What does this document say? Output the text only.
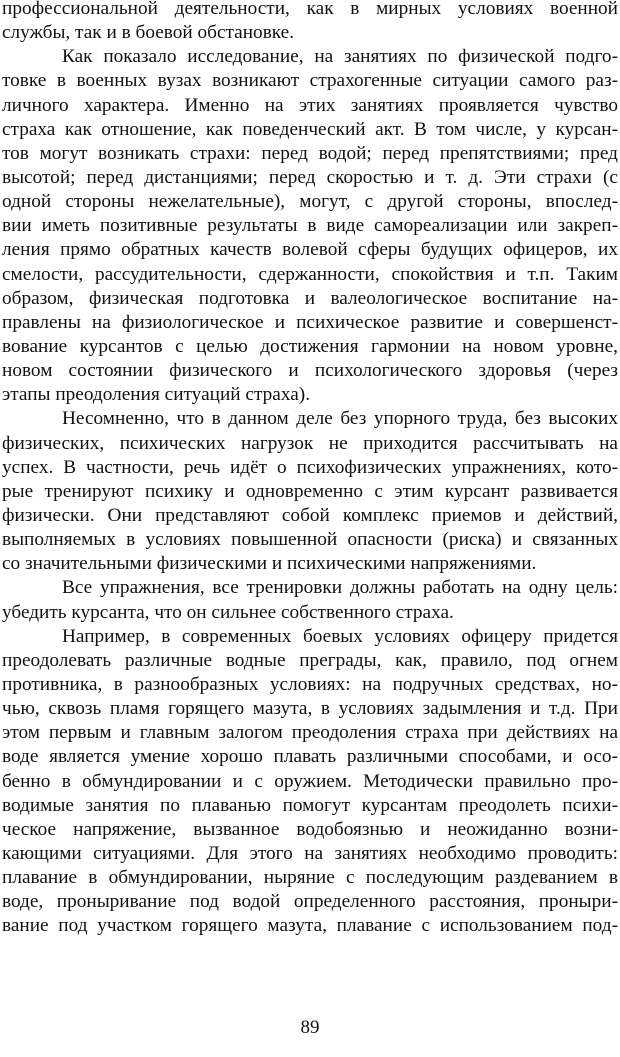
профессиональной деятельности, как в мирных условиях военной
службы, так и в боевой обстановке.
Как показало исследование, на занятиях по физической подго-
товке в военных вузах возникают страхогенные ситуации самого раз-
личного характера. Именно на этих занятиях проявляется чувство
страха как отношение, как поведенческий акт. В том числе, у курсан-
тов могут возникать страхи: перед водой; перед препятствиями; пред
высотой; перед дистанциями; перед скоростью и т. д. Эти страхи (с
одной стороны нежелательные), могут, с другой стороны, впослед-
вии иметь позитивные результаты в виде самореализации или закреп-
ления прямо обратных качеств волевой сферы будущих офицеров, их
смелости, рассудительности, сдержанности, спокойствия и т.п. Таким
образом, физическая подготовка и валеологическое воспитание на-
правлены на физиологическое и психическое развитие и совершенст-
вование курсантов с целью достижения гармонии на новом уровне,
новом состоянии физического и психологического здоровья (через
этапы преодоления ситуаций страха).
Несомненно, что в данном деле без упорного труда, без высоких
физических, психических нагрузок не приходится рассчитывать на
успех. В частности, речь идёт о психофизических упражнениях, кото-
рые тренируют психику и одновременно с этим курсант развивается
физически. Они представляют собой комплекс приемов и действий,
выполняемых в условиях повышенной опасности (риска) и связанных
со значительными физическими и психическими напряжениями.
Все упражнения, все тренировки должны работать на одну цель:
убедить курсанта, что он сильнее собственного страха.
Например, в современных боевых условиях офицеру придется
преодолевать различные водные преграды, как, правило, под огнем
противника, в разнообразных условиях: на подручных средствах, но-
чью, сквозь пламя горящего мазута, в условиях задымления и т.д. При
этом первым и главным залогом преодоления страха при действиях на
воде является умение хорошо плавать различными способами, и осо-
бенно в обмундировании и с оружием. Методически правильно про-
водимые занятия по плаванью помогут курсантам преодолеть психи-
ческое напряжение, вызванное водобоязнью и неожиданно возни-
кающими ситуациями. Для этого на занятиях необходимо проводить:
плавание в обмундировании, ныряние с последующим раздеванием в
воде, проныривание под водой определенного расстояния, проныри-
вание под участком горящего мазута, плавание с использованием под-
89
